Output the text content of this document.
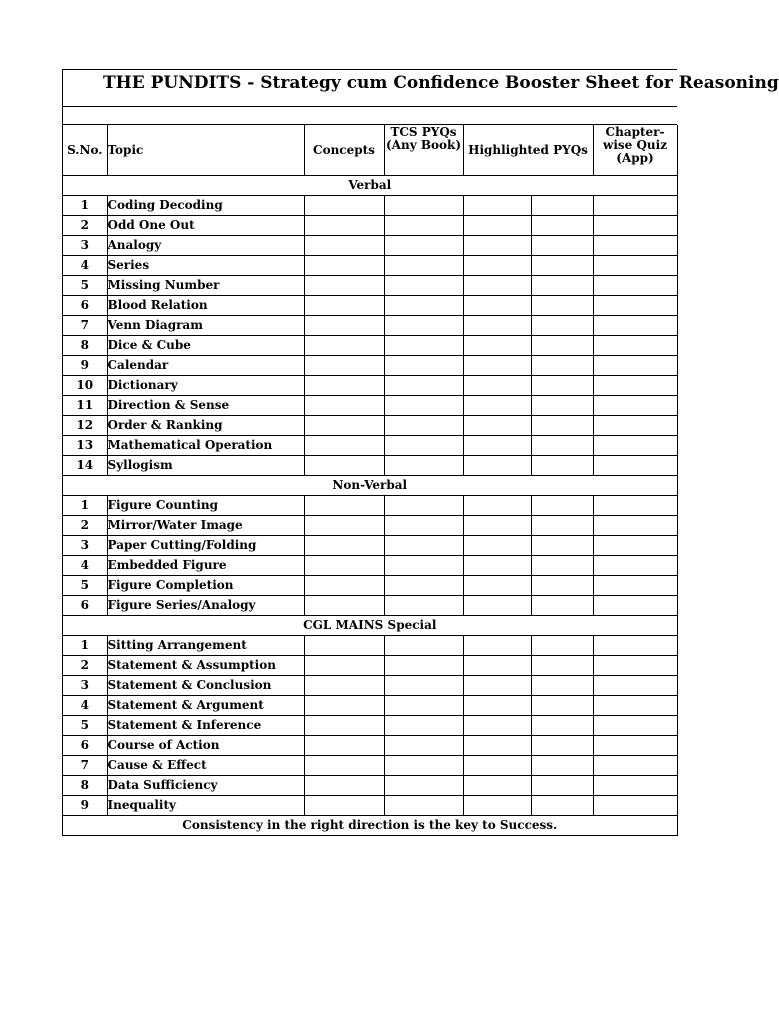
THE PUNDITS - Strategy cum Confidence Booster Sheet for Reasoning
S.No.	Topic	Concepts	TCS PYQs (Any Book)	Highlighted PYQs		Chapter- wise Quiz (App)
Verbal						
1	Coding Decoding					
2	Odd One Out					
3	Analogy					
4	Series					
5	Missing Number					
6	Blood Relation					
7	Venn Diagram					
8	Dice & Cube					
9	Calendar					
10	Dictionary					
11	Direction & Sense					
12	Order & Ranking					
13	Mathematical Operation					
14	Syllogism					
Non-Verbal						
1	Figure Counting					
2	Mirror/Water Image					
3	Paper Cutting/Folding					
4	Embedded Figure					
5	Figure Completion					
6	Figure Series/Analogy					
CGL MAINS Special						
1	Sitting Arrangement					
2	Statement & Assumption					
3	Statement & Conclusion					
4	Statement & Argument					
5	Statement & Inference					
6	Course of Action					
7	Cause & Effect					
8	Data Sufficiency					
9	Inequality					
Consistency in the right direction is the key to Success.						
